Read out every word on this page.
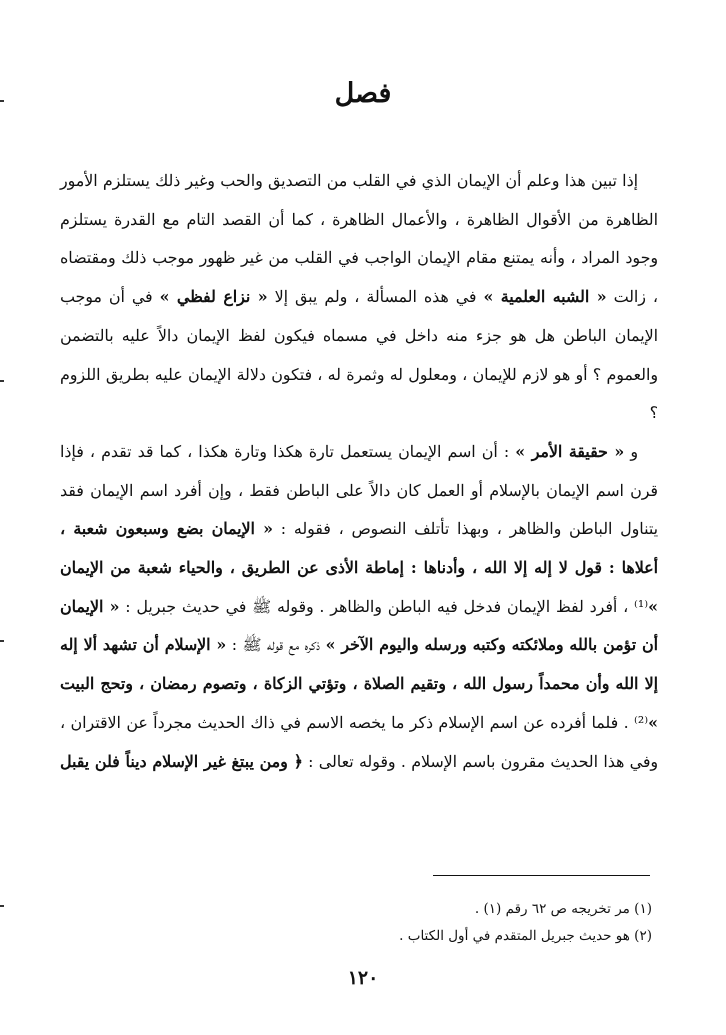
فصل

إذا تبين هذا وعلم أن الإيمان الذي في القلب من التصديق والحب وغير ذلك يستلزم الأمور الظاهرة من الأقوال الظاهرة ، والأعمال الظاهرة ، كما أن القصد التام مع القدرة يستلزم وجود المراد ، وأنه يمتنع مقام الإيمان الواجب في القلب من غير ظهور موجب ذلك ومقتضاه ، زالت « الشبه العلمية » في هذه المسألة ، ولم يبق إلا « نزاع لفظي » في أن موجب الإيمان الباطن هل هو جزء منه داخل في مسماه فيكون لفظ الإيمان دالاً عليه بالتضمن والعموم ؟ أو هو لازم للإيمان ، ومعلول له وثمرة له ، فتكون دلالة الإيمان عليه بطريق اللزوم ؟

و « حقيقة الأمر » : أن اسم الإيمان يستعمل تارة هكذا وتارة هكذا ، كما قد تقدم ، فإذا قرن اسم الإيمان بالإسلام أو العمل كان دالاً على الباطن فقط ، وإن أفرد اسم الإيمان فقد يتناول الباطن والظاهر ، وبهذا تأتلف النصوص ، فقوله : « الإيمان بضع وسبعون شعبة ، أعلاها : قول لا إله إلا الله ، وأدناها : إماطة الأذى عن الطريق ، والحياء شعبة من الإيمان »⁽¹⁾ ، أفرد لفظ الإيمان فدخل فيه الباطن والظاهر . وقوله ﷺ في حديث جبريل : « الإيمان أن تؤمن بالله وملائكته وكتبه ورسله واليوم الآخر » ذكره مع قوله ﷺ : « الإسلام أن تشهد ألا إله إلا الله وأن محمداً رسول الله ، وتقيم الصلاة ، وتؤتي الزكاة ، وتصوم رمضان ، وتحج البيت »⁽²⁾ . فلما أفرده عن اسم الإسلام ذكر ما يخصه الاسم في ذاك الحديث مجرداً عن الاقتران ، وفي هذا الحديث مقرون باسم الإسلام . وقوله تعالى : ﴿ ومن يبتغ غير الإسلام ديناً فلن يقبل

(١) مر تخريجه ص ٦٢ رقم (١) .
(٢) هو حديث جبريل المتقدم في أول الكتاب .
١٢٠
